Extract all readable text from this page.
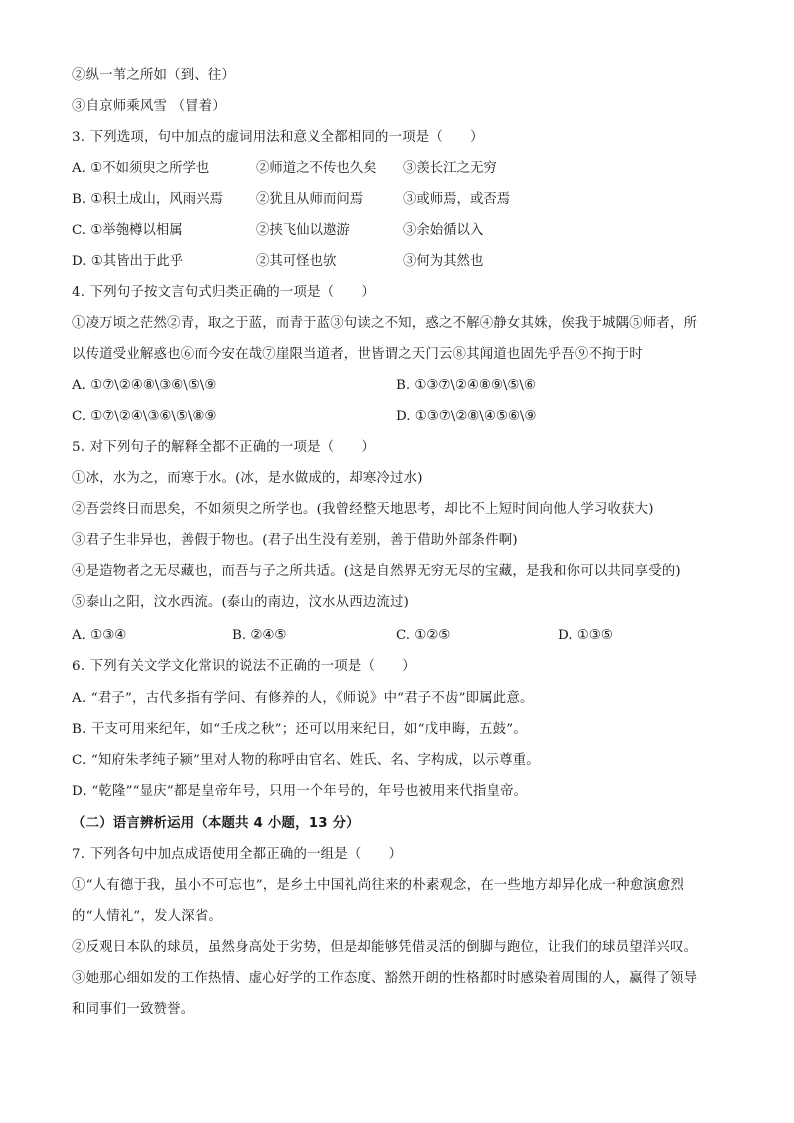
②纵一苇之所如（到、往）
③自京师乘风雪 （冒着）
3. 下列选项，句中加点的虚词用法和意义全都相同的一项是（　　）
A. ①不如须臾之所学也	②师道之不传也久矣 ③羡长江之无穷
B. ①积土成山，风雨兴焉 ②犹且从师而问焉	③或师焉，或否焉
C. ①举匏樽以相属	②挟飞仙以遨游	③余始循以入
D. ①其皆出于此乎	②其可怪也欤	③何为其然也
4. 下列句子按文言句式归类正确的一项是（　　）
①凌万顷之茫然②青，取之于蓝，而青于蓝③句读之不知，惑之不解④静女其姝，俟我于城隅⑤师者，所
以传道受业解惑也⑥而今安在哉⑦崖限当道者，世皆谓之天门云⑧其闻道也固先乎吾⑨不拘于时
A. ①⑦\②④⑧\③⑥\⑤\⑨	B. ①③⑦\②④⑧⑨\⑤\⑥
C. ①⑦\②④\③⑥\⑤\⑧⑨	D. ①③⑦\②⑧\④⑤⑥\⑨
5. 对下列句子的解释全都不正确的一项是（　　）
①冰，水为之，而寒于水。(冰，是水做成的，却寒冷过水)
②吾尝终日而思矣，不如须臾之所学也。(我曾经整天地思考，却比不上短时间向他人学习收获大)
③君子生非异也，善假于物也。(君子出生没有差别，善于借助外部条件啊)
④是造物者之无尽藏也，而吾与子之所共适。(这是自然界无穷无尽的宝藏，是我和你可以共同享受的)
⑤泰山之阳，汶水西流。(泰山的南边，汶水从西边流过)
A. ①③④	B. ②④⑤	C. ①②⑤	D. ①③⑤
6. 下列有关文学文化常识的说法不正确的一项是（　　）
A. “君子”，古代多指有学问、有修养的人，《师说》中“君子不齿”即属此意。
B. 干支可用来纪年，如“壬戌之秋”；还可以用来纪日，如“戊申晦，五鼓”。
C. “知府朱孝纯子颍”里对人物的称呼由官名、姓氏、名、字构成，以示尊重。
D. “乾隆”“显庆”都是皇帝年号，只用一个年号的，年号也被用来代指皇帝。
（二）语言辨析运用（本题共 4 小题，13 分）
7. 下列各句中加点成语使用全都正确的一组是（　　）
①“人有德于我，虽小不可忘也”，是乡土中国礼尚往来的朴素观念，在一些地方却异化成一种愈演愈烈
的“人情礼”，发人深省。
②反观日本队的球员，虽然身高处于劣势，但是却能够凭借灵活的倒脚与跑位，让我们的球员望洋兴叹。
③她那心细如发的工作热情、虚心好学的工作态度、豁然开朗的性格都时时感染着周围的人，赢得了领导
和同事们一致赞誉。
